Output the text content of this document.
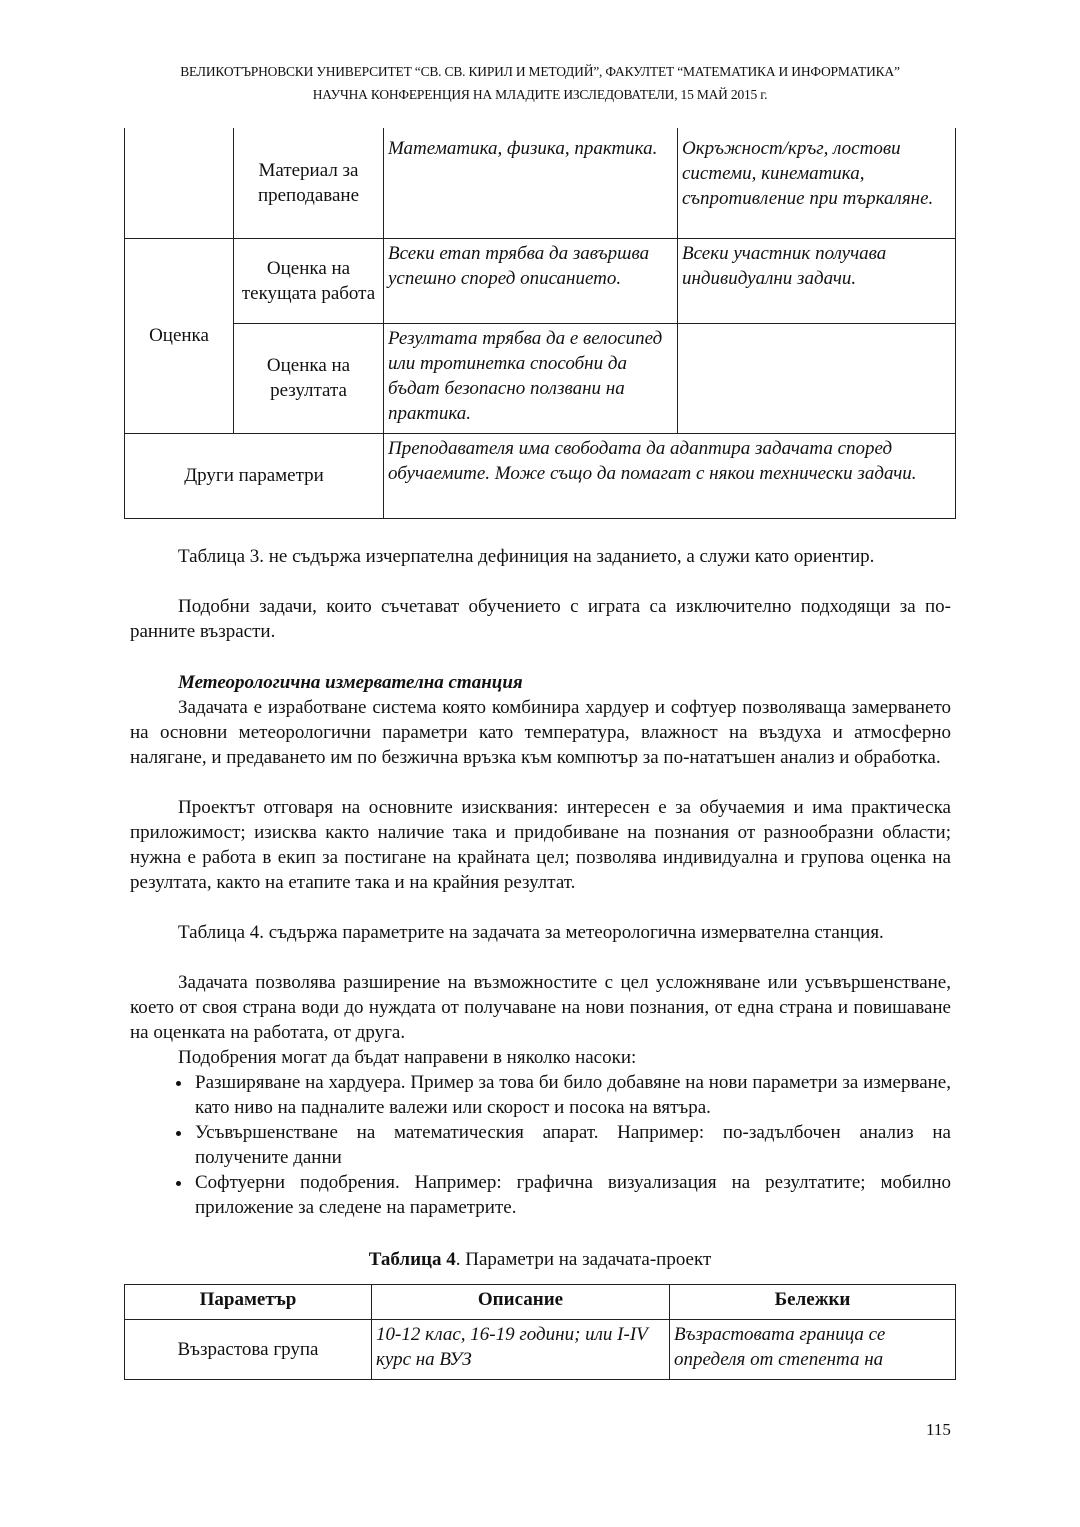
ВЕЛИКОТЪРНОВСКИ УНИВЕРСИТЕТ “СВ. СВ. КИРИЛ И МЕТОДИЙ”, ФАКУЛТЕТ “МАТЕМАТИКА И ИНФОРМАТИКА”
НАУЧНА КОНФЕРЕНЦИЯ НА МЛАДИТЕ ИЗСЛЕДОВАТЕЛИ, 15 МАЙ 2015 г.
	Материал за преподаване	Математика, физика, практика.	Окръжност/кръг, лостови системи, кинематика, съпротивление при търкаляне.
Оценка	Оценка на текущата работа	Всеки етап трябва да завършва успешно според описанието.	Всеки участник получава индивидуални задачи.
	Оценка на резултата	Резултата трябва да е велосипед или тротинетка способни да бъдат безопасно ползвани на практика.	
Други параметри		Преподавателя има свободата да адаптира задачата според обучаемите. Може също да помагат с някои технически задачи.	
Таблица 3. не съдържа изчерпателна дефиниция на заданието, а служи като ориентир.
Подобни задачи, които съчетават обучението с играта са изключително подходящи за по-ранните възрасти.
Метеорологична измервателна станция
Задачата е изработване система която комбинира хардуер и софтуер позволяваща замерването на основни метеорологични параметри като температура, влажност на въздуха и атмосферно налягане, и предаването им по безжична връзка към компютър за по-нататъшен анализ и обработка.
Проектът отговаря на основните изисквания: интересен е за обучаемия и има практическа приложимост; изисква както наличие така и придобиване на познания от разнообразни области; нужна е работа в екип за постигане на крайната цел; позволява индивидуална и групова оценка на резултата, както на етапите така и на крайния резултат.
Таблица 4. съдържа параметрите на задачата за метеорологична измервателна станция.
Задачата позволява разширение на възможностите с цел усложняване или усъвършенстване, което от своя страна води до нуждата от получаване на нови познания, от една страна и повишаване на оценката на работата, от друга.
Подобрения могат да бъдат направени в няколко насоки:
• Разширяване на хардуера. Пример за това би било добавяне на нови параметри за измерване, като ниво на падналите валежи или скорост и посока на вятъра.
• Усъвършенстване на математическия апарат. Например: по-задълбочен анализ на получените данни
• Софтуерни подобрения. Например: графична визуализация на резултатите; мобилно приложение за следене на параметрите.
Таблица 4. Параметри на задачата-проект
Параметър	Описание	Бележки
Възрастова група	10-12 клас, 16-19 години; или I-IV курс на ВУЗ	Възрастовата граница се определя от степента на
115
